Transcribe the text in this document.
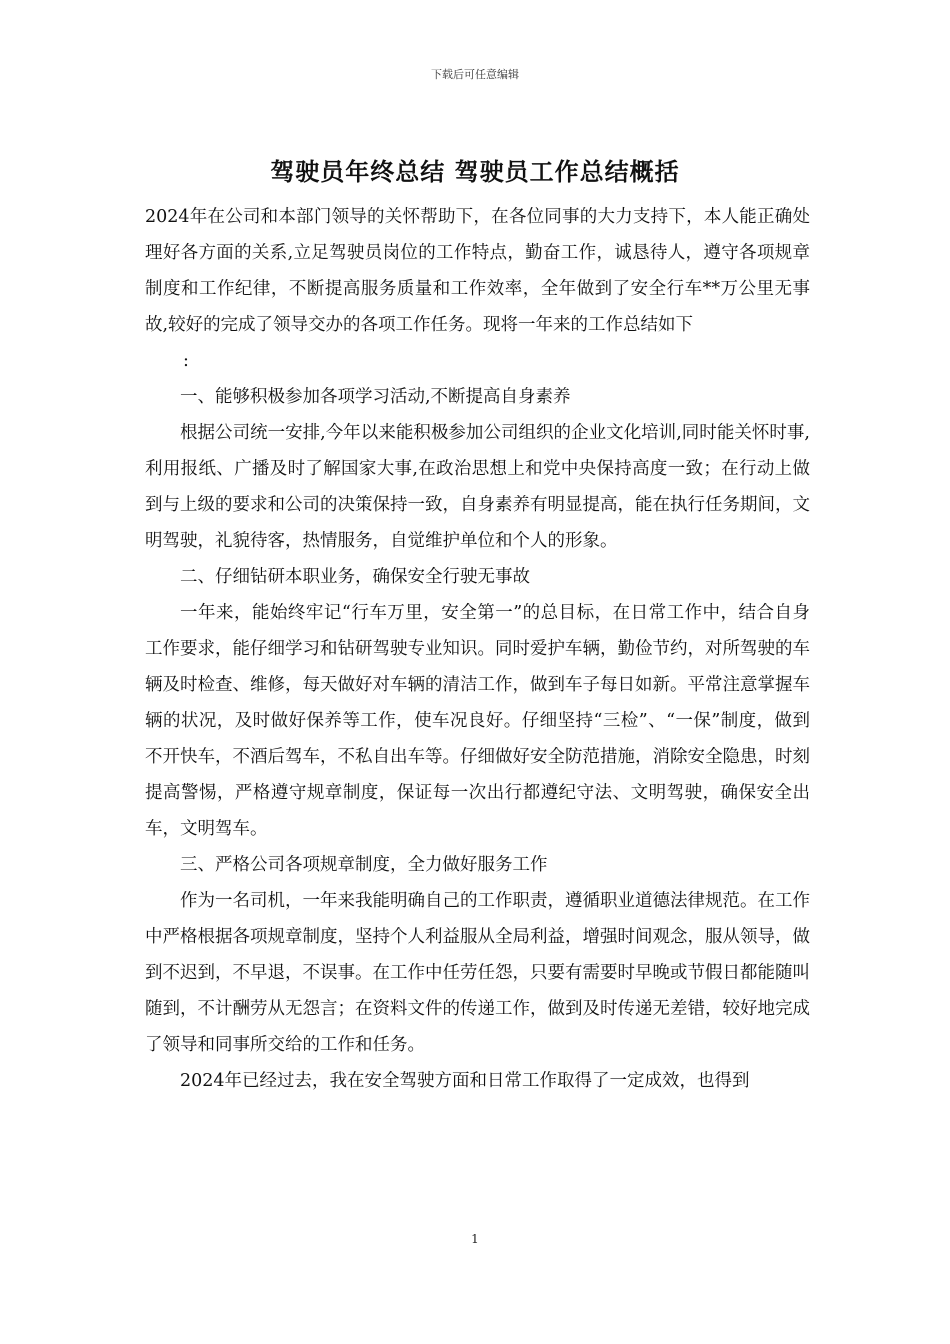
下载后可任意编辑
驾驶员年终总结 驾驶员工作总结概括

2024年在公司和本部门领导的关怀帮助下，在各位同事的大力支持下，本人能正确处理好各方面的关系,立足驾驶员岗位的工作特点，勤奋工作，诚恳待人，遵守各项规章制度和工作纪律，不断提高服务质量和工作效率，全年做到了安全行车**万公里无事故,较好的完成了领导交办的各项工作任务。现将一年来的工作总结如下

:

一、能够积极参加各项学习活动,不断提高自身素养

根据公司统一安排,今年以来能积极参加公司组织的企业文化培训,同时能关怀时事,利用报纸、广播及时了解国家大事,在政治思想上和党中央保持高度一致；在行动上做到与上级的要求和公司的决策保持一致，自身素养有明显提高，能在执行任务期间，文明驾驶，礼貌待客，热情服务，自觉维护单位和个人的形象。

二、仔细钻研本职业务，确保安全行驶无事故

一年来，能始终牢记“行车万里，安全第一”的总目标，在日常工作中，结合自身工作要求，能仔细学习和钻研驾驶专业知识。同时爱护车辆，勤俭节约，对所驾驶的车辆及时检查、维修，每天做好对车辆的清洁工作，做到车子每日如新。平常注意掌握车辆的状况，及时做好保养等工作，使车况良好。仔细坚持“三检”、“一保”制度，做到不开快车，不酒后驾车，不私自出车等。仔细做好安全防范措施，消除安全隐患，时刻提高警惕，严格遵守规章制度，保证每一次出行都遵纪守法、文明驾驶，确保安全出车，文明驾车。

三、严格公司各项规章制度，全力做好服务工作

作为一名司机，一年来我能明确自己的工作职责，遵循职业道德法律规范。在工作中严格根据各项规章制度，坚持个人利益服从全局利益，增强时间观念，服从领导，做到不迟到，不早退，不误事。在工作中任劳任怨，只要有需要时早晚或节假日都能随叫随到，不计酬劳从无怨言；在资料文件的传递工作，做到及时传递无差错，较好地完成了领导和同事所交给的工作和任务。

2024年已经过去，我在安全驾驶方面和日常工作取得了一定成效，也得到

1
